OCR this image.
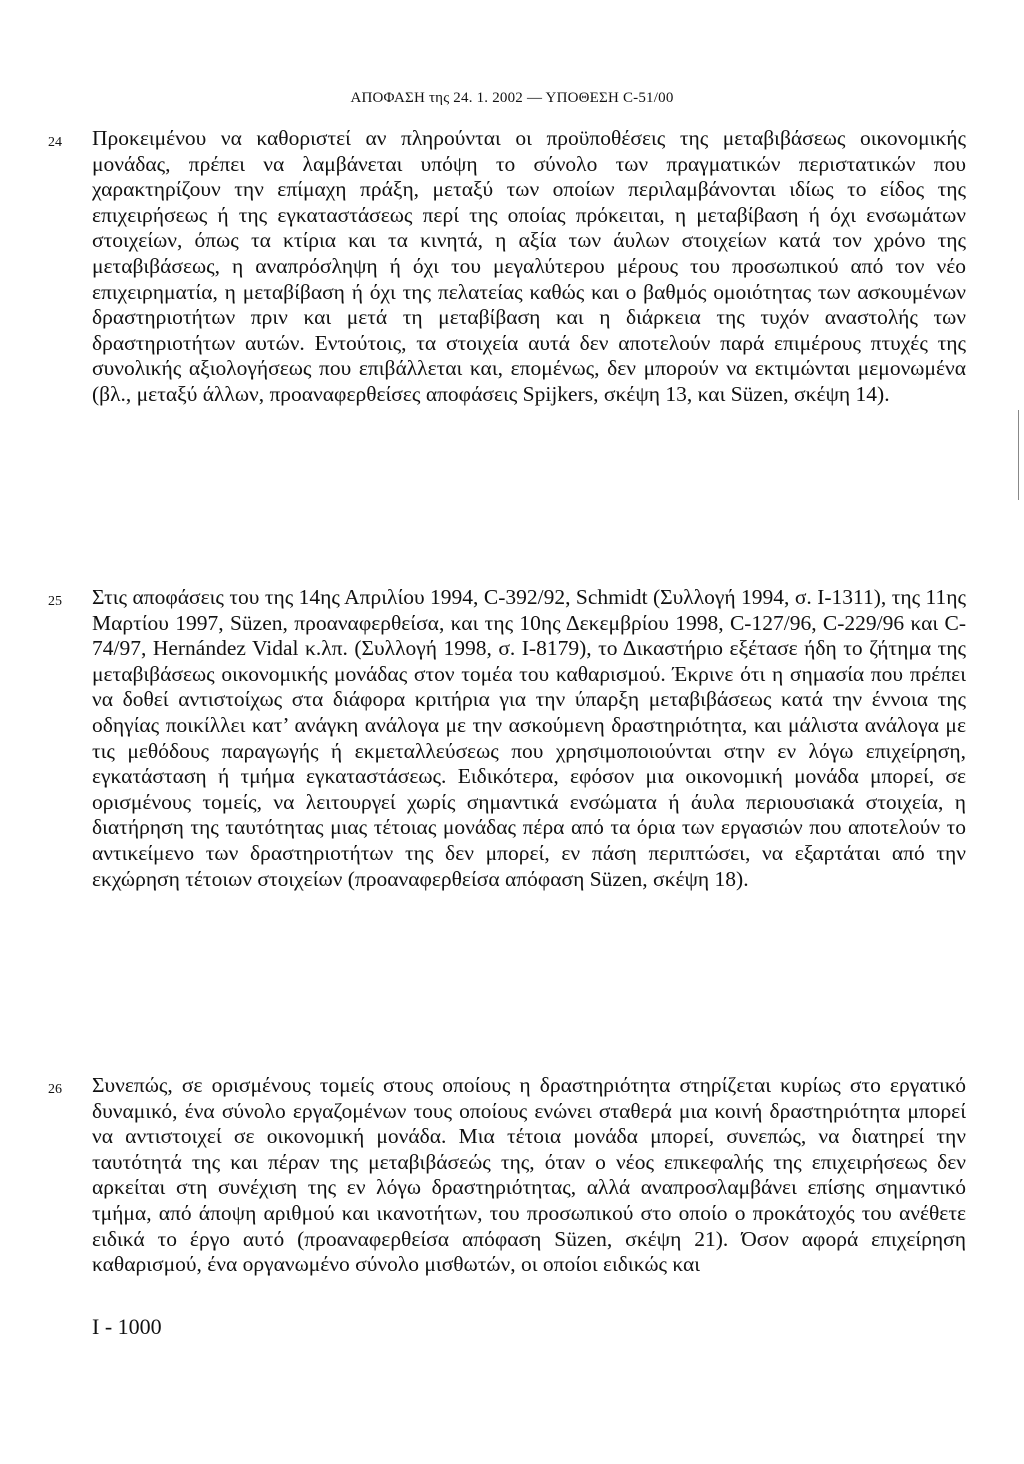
ΑΠΟΦΑΣΗ της 24. 1. 2002 — ΥΠΟΘΕΣΗ C-51/00
24	Προκειμένου να καθοριστεί αν πληρούνται οι προϋποθέσεις της μεταβιβάσεως οικονομικής μονάδας, πρέπει να λαμβάνεται υπόψη το σύνολο των πραγματικών περιστατικών που χαρακτηρίζουν την επίμαχη πράξη, μεταξύ των οποίων περιλαμβάνονται ιδίως το είδος της επιχειρήσεως ή της εγκαταστάσεως περί της οποίας πρόκειται, η μεταβίβαση ή όχι ενσωμάτων στοιχείων, όπως τα κτίρια και τα κινητά, η αξία των άυλων στοιχείων κατά τον χρόνο της μεταβιβάσεως, η αναπρόσληψη ή όχι του μεγαλύτερου μέρους του προσωπικού από τον νέο επιχειρηματία, η μεταβίβαση ή όχι της πελατείας καθώς και ο βαθμός ομοιότητας των ασκουμένων δραστηριοτήτων πριν και μετά τη μεταβίβαση και η διάρκεια της τυχόν αναστολής των δραστηριοτήτων αυτών. Εντούτοις, τα στοιχεία αυτά δεν αποτελούν παρά επιμέρους πτυχές της συνολικής αξιολογήσεως που επιβάλλεται και, επομένως, δεν μπορούν να εκτιμώνται μεμονωμένα (βλ., μεταξύ άλλων, προαναφερθείσες αποφάσεις Spijkers, σκέψη 13, και Süzen, σκέψη 14).
25	Στις αποφάσεις του της 14ης Απριλίου 1994, C-392/92, Schmidt (Συλλογή 1994, σ. I-1311), της 11ης Μαρτίου 1997, Süzen, προαναφερθείσα, και της 10ης Δεκεμβρίου 1998, C-127/96, C-229/96 και C-74/97, Hernández Vidal κ.λπ. (Συλλογή 1998, σ. I-8179), το Δικαστήριο εξέτασε ήδη το ζήτημα της μεταβιβάσεως οικονομικής μονάδας στον τομέα του καθαρισμού. Έκρινε ότι η σημασία που πρέπει να δοθεί αντιστοίχως στα διάφορα κριτήρια για την ύπαρξη μεταβιβάσεως κατά την έννοια της οδηγίας ποικίλλει κατ’ ανάγκη ανάλογα με την ασκούμενη δραστηριότητα, και μάλιστα ανάλογα με τις μεθόδους παραγωγής ή εκμεταλλεύσεως που χρησιμοποιούνται στην εν λόγω επιχείρηση, εγκατάσταση ή τμήμα εγκαταστάσεως. Ειδικότερα, εφόσον μια οικονομική μονάδα μπορεί, σε ορισμένους τομείς, να λειτουργεί χωρίς σημαντικά ενσώματα ή άυλα περιουσιακά στοιχεία, η διατήρηση της ταυτότητας μιας τέτοιας μονάδας πέρα από τα όρια των εργασιών που αποτελούν το αντικείμενο των δραστηριοτήτων της δεν μπορεί, εν πάση περιπτώσει, να εξαρτάται από την εκχώρηση τέτοιων στοιχείων (προαναφερθείσα απόφαση Süzen, σκέψη 18).
26	Συνεπώς, σε ορισμένους τομείς στους οποίους η δραστηριότητα στηρίζεται κυρίως στο εργατικό δυναμικό, ένα σύνολο εργαζομένων τους οποίους ενώνει σταθερά μια κοινή δραστηριότητα μπορεί να αντιστοιχεί σε οικονομική μονάδα. Μια τέτοια μονάδα μπορεί, συνεπώς, να διατηρεί την ταυτότητά της και πέραν της μεταβιβάσεώς της, όταν ο νέος επικεφαλής της επιχειρήσεως δεν αρκείται στη συνέχιση της εν λόγω δραστηριότητας, αλλά αναπροσλαμβάνει επίσης σημαντικό τμήμα, από άποψη αριθμού και ικανοτήτων, του προσωπικού στο οποίο ο προκάτοχός του ανέθετε ειδικά το έργο αυτό (προαναφερθείσα απόφαση Süzen, σκέψη 21). Όσον αφορά επιχείρηση καθαρισμού, ένα οργανωμένο σύνολο μισθωτών, οι οποίοι ειδικώς και
I - 1000
